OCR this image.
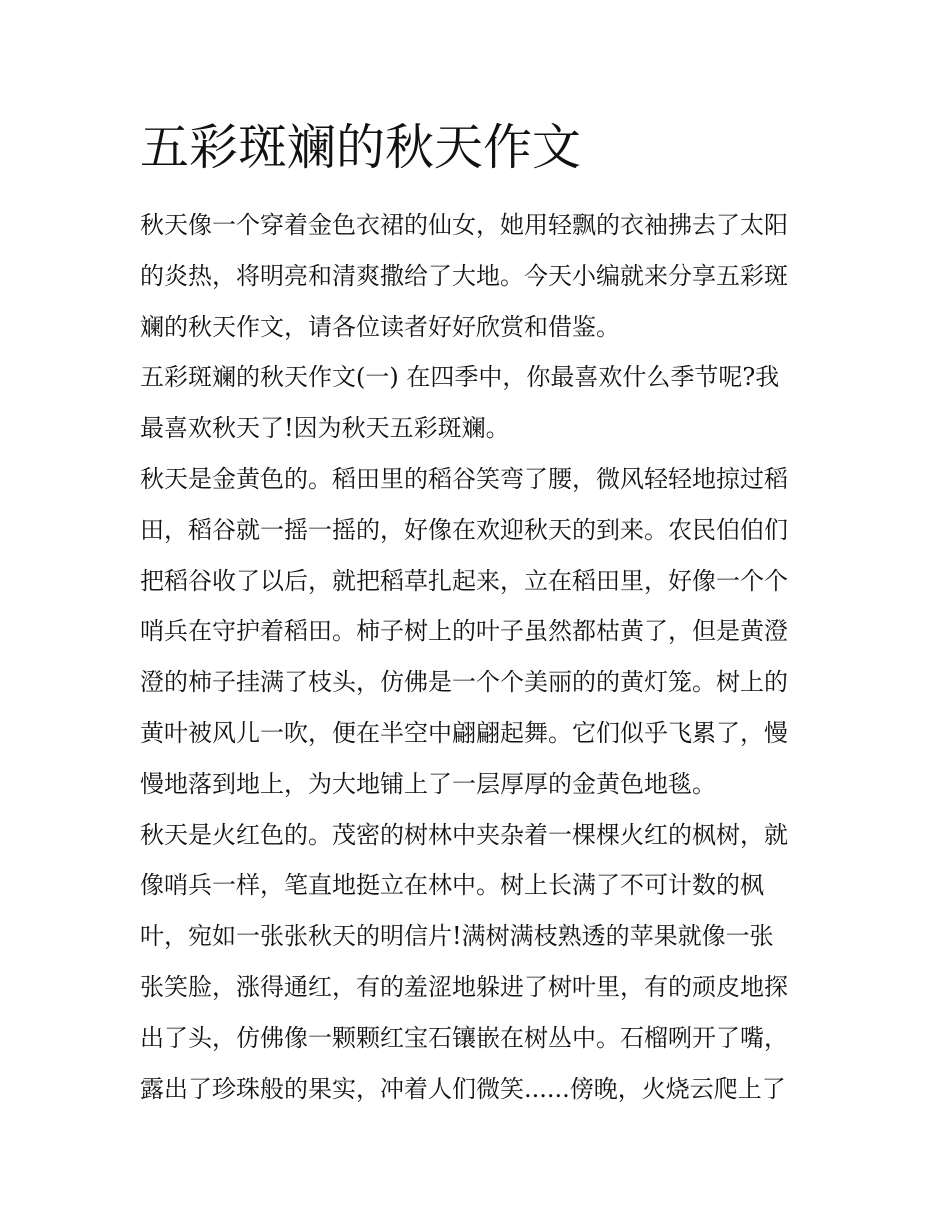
五彩斑斓的秋天作文
秋天像一个穿着金色衣裙的仙女，她用轻飘的衣袖拂去了太阳
的炎热，将明亮和清爽撒给了大地。今天小编就来分享五彩斑
斓的秋天作文，请各位读者好好欣赏和借鉴。
五彩斑斓的秋天作文(一) 在四季中，你最喜欢什么季节呢?我
最喜欢秋天了!因为秋天五彩斑斓。
秋天是金黄色的。稻田里的稻谷笑弯了腰，微风轻轻地掠过稻
田，稻谷就一摇一摇的，好像在欢迎秋天的到来。农民伯伯们
把稻谷收了以后，就把稻草扎起来，立在稻田里，好像一个个
哨兵在守护着稻田。柿子树上的叶子虽然都枯黄了，但是黄澄
澄的柿子挂满了枝头，仿佛是一个个美丽的的黄灯笼。树上的
黄叶被风儿一吹，便在半空中翩翩起舞。它们似乎飞累了，慢
慢地落到地上，为大地铺上了一层厚厚的金黄色地毯。
秋天是火红色的。茂密的树林中夹杂着一棵棵火红的枫树，就
像哨兵一样，笔直地挺立在林中。树上长满了不可计数的枫
叶，宛如一张张秋天的明信片!满树满枝熟透的苹果就像一张
张笑脸，涨得通红，有的羞涩地躲进了树叶里，有的顽皮地探
出了头，仿佛像一颗颗红宝石镶嵌在树丛中。石榴咧开了嘴，
露出了珍珠般的果实，冲着人们微笑......傍晚，火烧云爬上了
